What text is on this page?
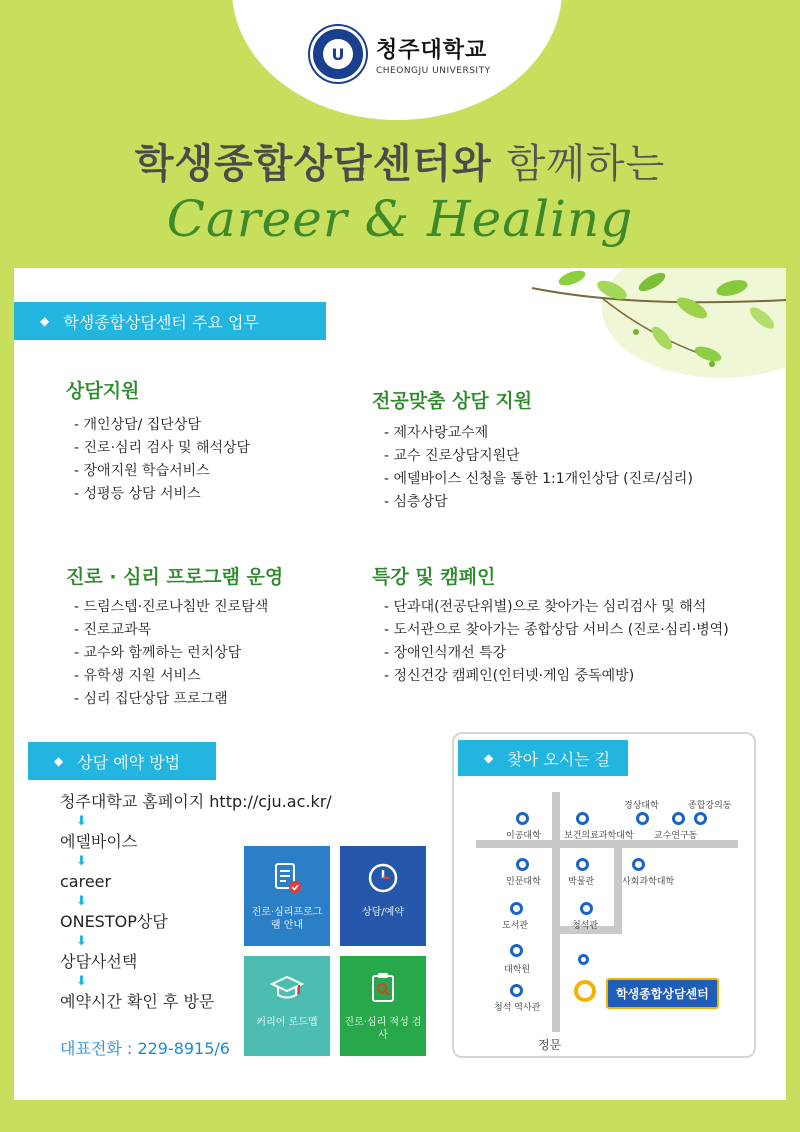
U	청주대학교
CHEONGJU UNIVERSITY
학생종합상담센터와 함께하는
Career & Healing
◆ 학생종합상담센터 주요 업무
상담지원
- 개인상담/ 집단상담
- 진로·심리 검사 및 해석상담
- 장애지원 학습서비스
- 성평등 상담 서비스
전공맞춤 상담 지원
- 제자사랑교수제
- 교수 진로상담지원단
- 에델바이스 신청을 통한 1:1개인상담 (진로/심리)
- 심층상담
진로 · 심리 프로그램 운영
- 드림스텝·진로나침반 진로탐색
- 진로교과목
- 교수와 함께하는 런치상담
- 유학생 지원 서비스
- 심리 집단상담 프로그램
특강 및 캠페인
- 단과대(전공단위별)으로 찾아가는 심리검사 및 해석
- 도서관으로 찾아가는 종합상담 서비스 (진로·심리·병역)
- 장애인식개선 특강
- 정신건강 캠페인(인터넷·게임 중독예방)
◆ 상담 예약 방법
청주대학교 홈페이지 http://cju.ac.kr/
⬇
에델바이스
⬇
career
⬇
ONESTOP상담
⬇
상담사선택
⬇
예약시간 확인 후 방문
대표전화 : 229-8915/6
진로·심리프로그램 안내
상담/예약
커리어 로드맵	진로·심리 적성 검사
◆ 찾아 오시는 길
경상대학	종합강의동
이공대학	보건의료과학대학 교수연구동
인문대학	박물관	사회과학대학
도서관	청석관
대학원
청석 역사관
학생종합상담센터
정문
